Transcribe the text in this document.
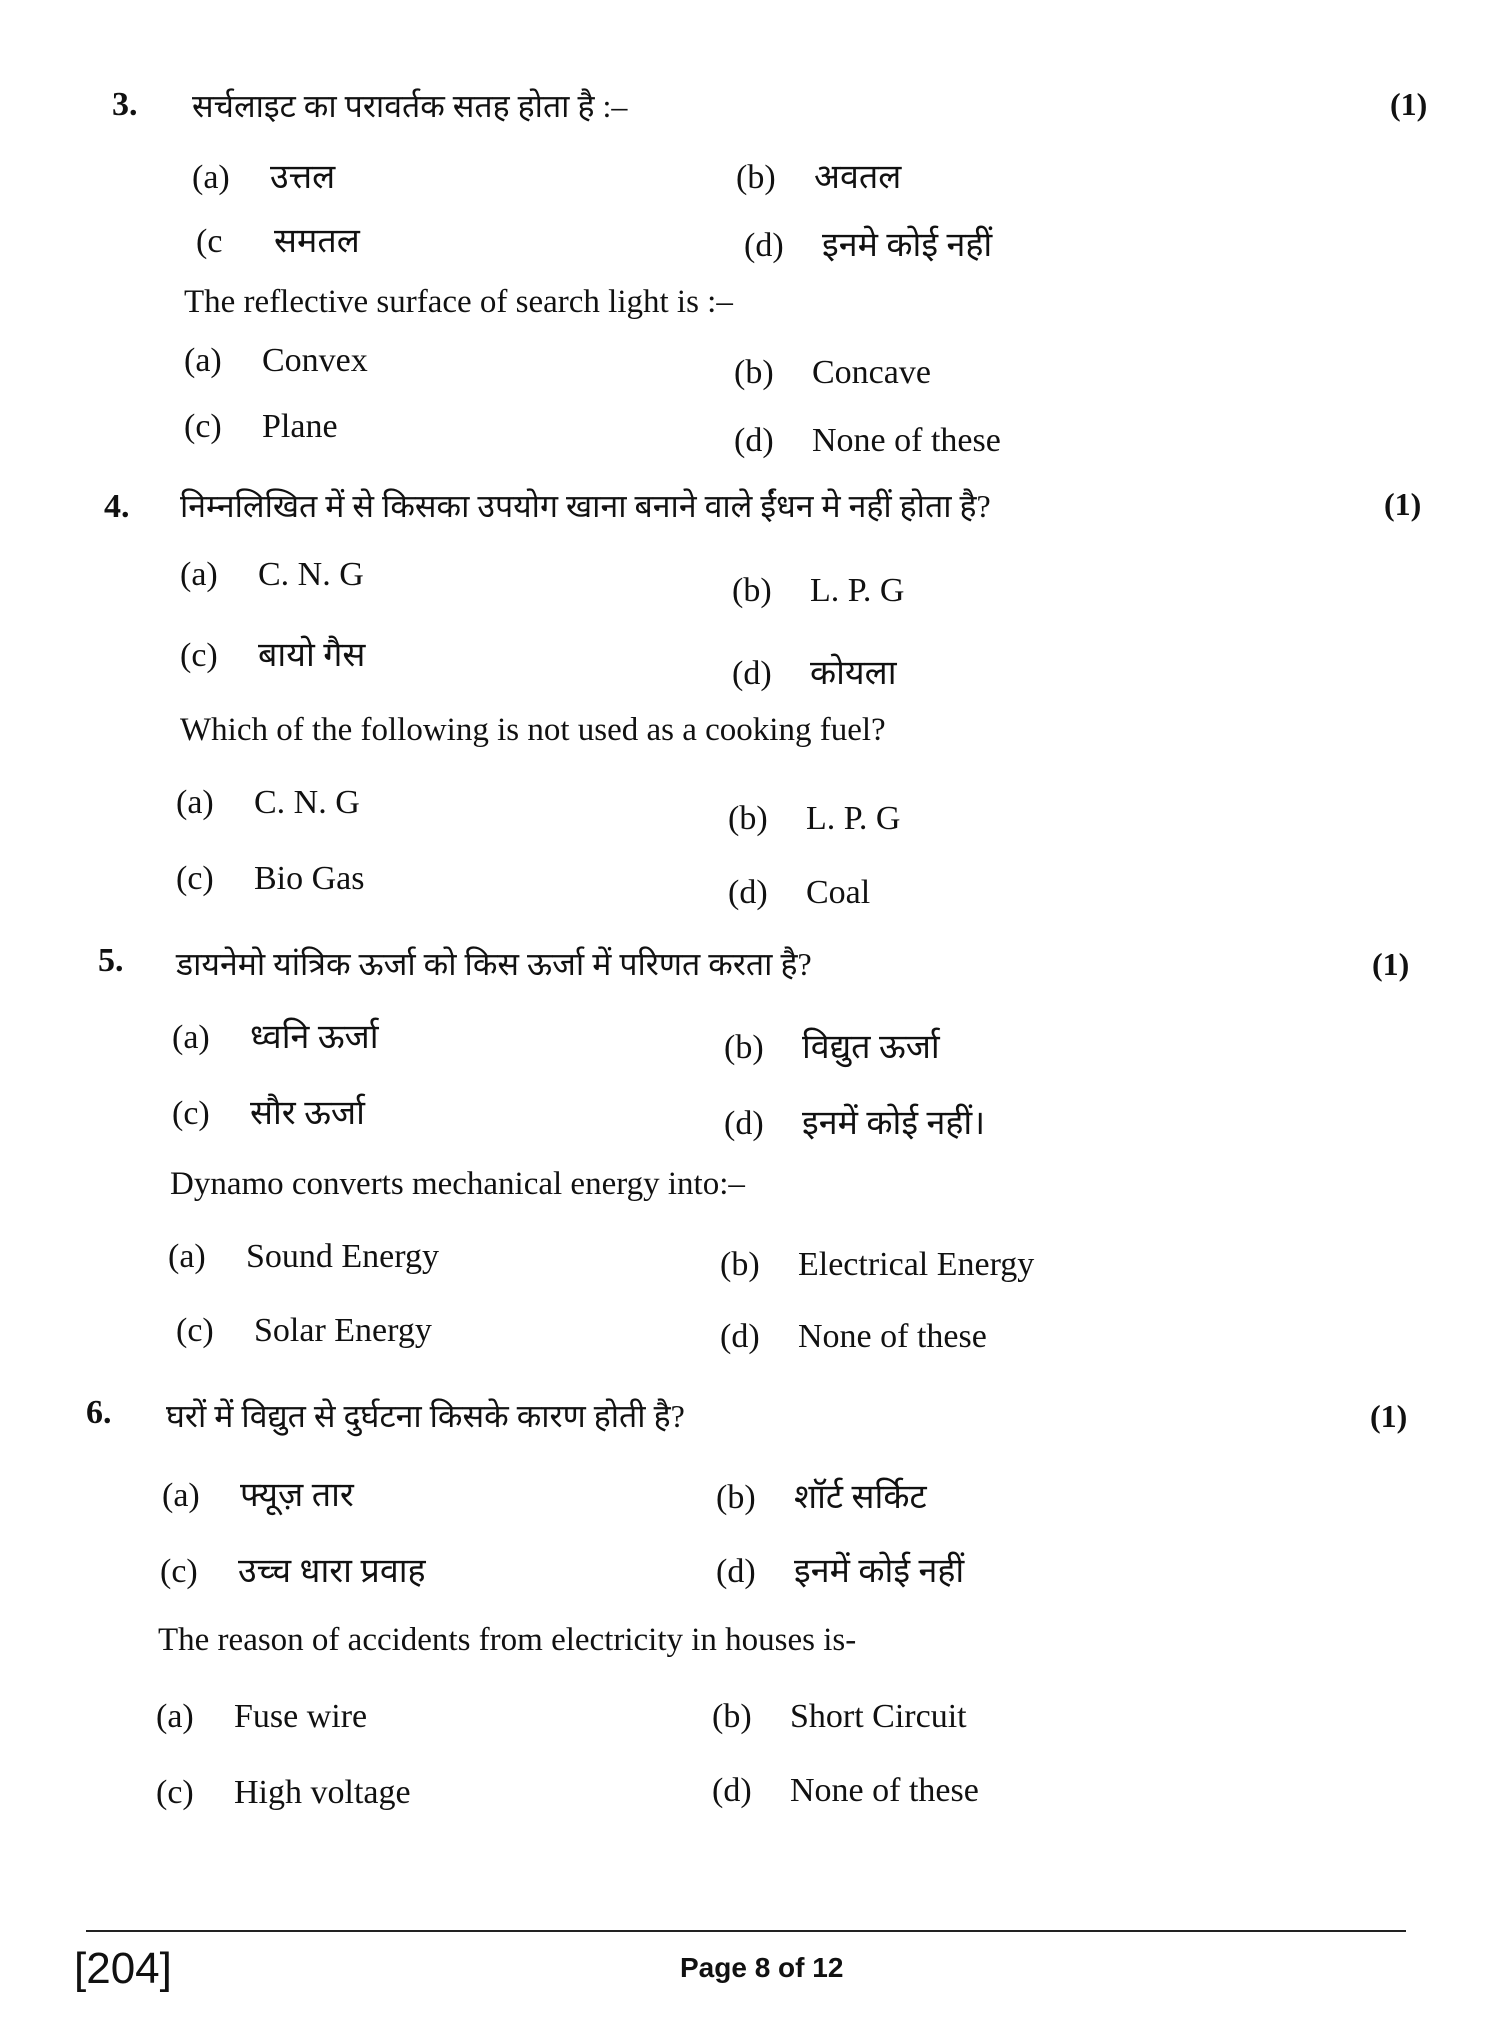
3. सर्चलाइट का परावर्तक सतह होता है :–	(1)
(a) उत्तल	(b) अवतल
(c समतल	(d) इनमे कोई नहीं
The reflective surface of search light is :–
(a) Convex	(b) Concave
(c) Plane	(d) None of these
4. निम्नलिखित में से किसका उपयोग खाना बनाने वाले ईंधन मे नहीं होता है?	(1)
(a) C. N. G	(b) L. P. G
(c) बायो गैस	(d) कोयला
Which of the following is not used as a cooking fuel?
(a) C. N. G	(b) L. P. G
(c) Bio Gas	(d) Coal
5. डायनेमो यांत्रिक ऊर्जा को किस ऊर्जा में परिणत करता है?	(1)
(a) ध्वनि ऊर्जा	(b) विद्युत ऊर्जा
(c) सौर ऊर्जा	(d) इनमें कोई नहीं।
Dynamo converts mechanical energy into:–
(a) Sound Energy	(b) Electrical Energy
(c) Solar Energy	(d) None of these
6. घरों में विद्युत से दुर्घटना किसके कारण होती है?	(1)
(a) फ्यूज़ तार	(b) शॉर्ट सर्किट
(c) उच्च धारा प्रवाह	(d) इनमें कोई नहीं
The reason of accidents from electricity in houses is-
(a) Fuse wire	(b) Short Circuit
(c) High voltage	(d) None of these
[204]	Page 8 of 12
